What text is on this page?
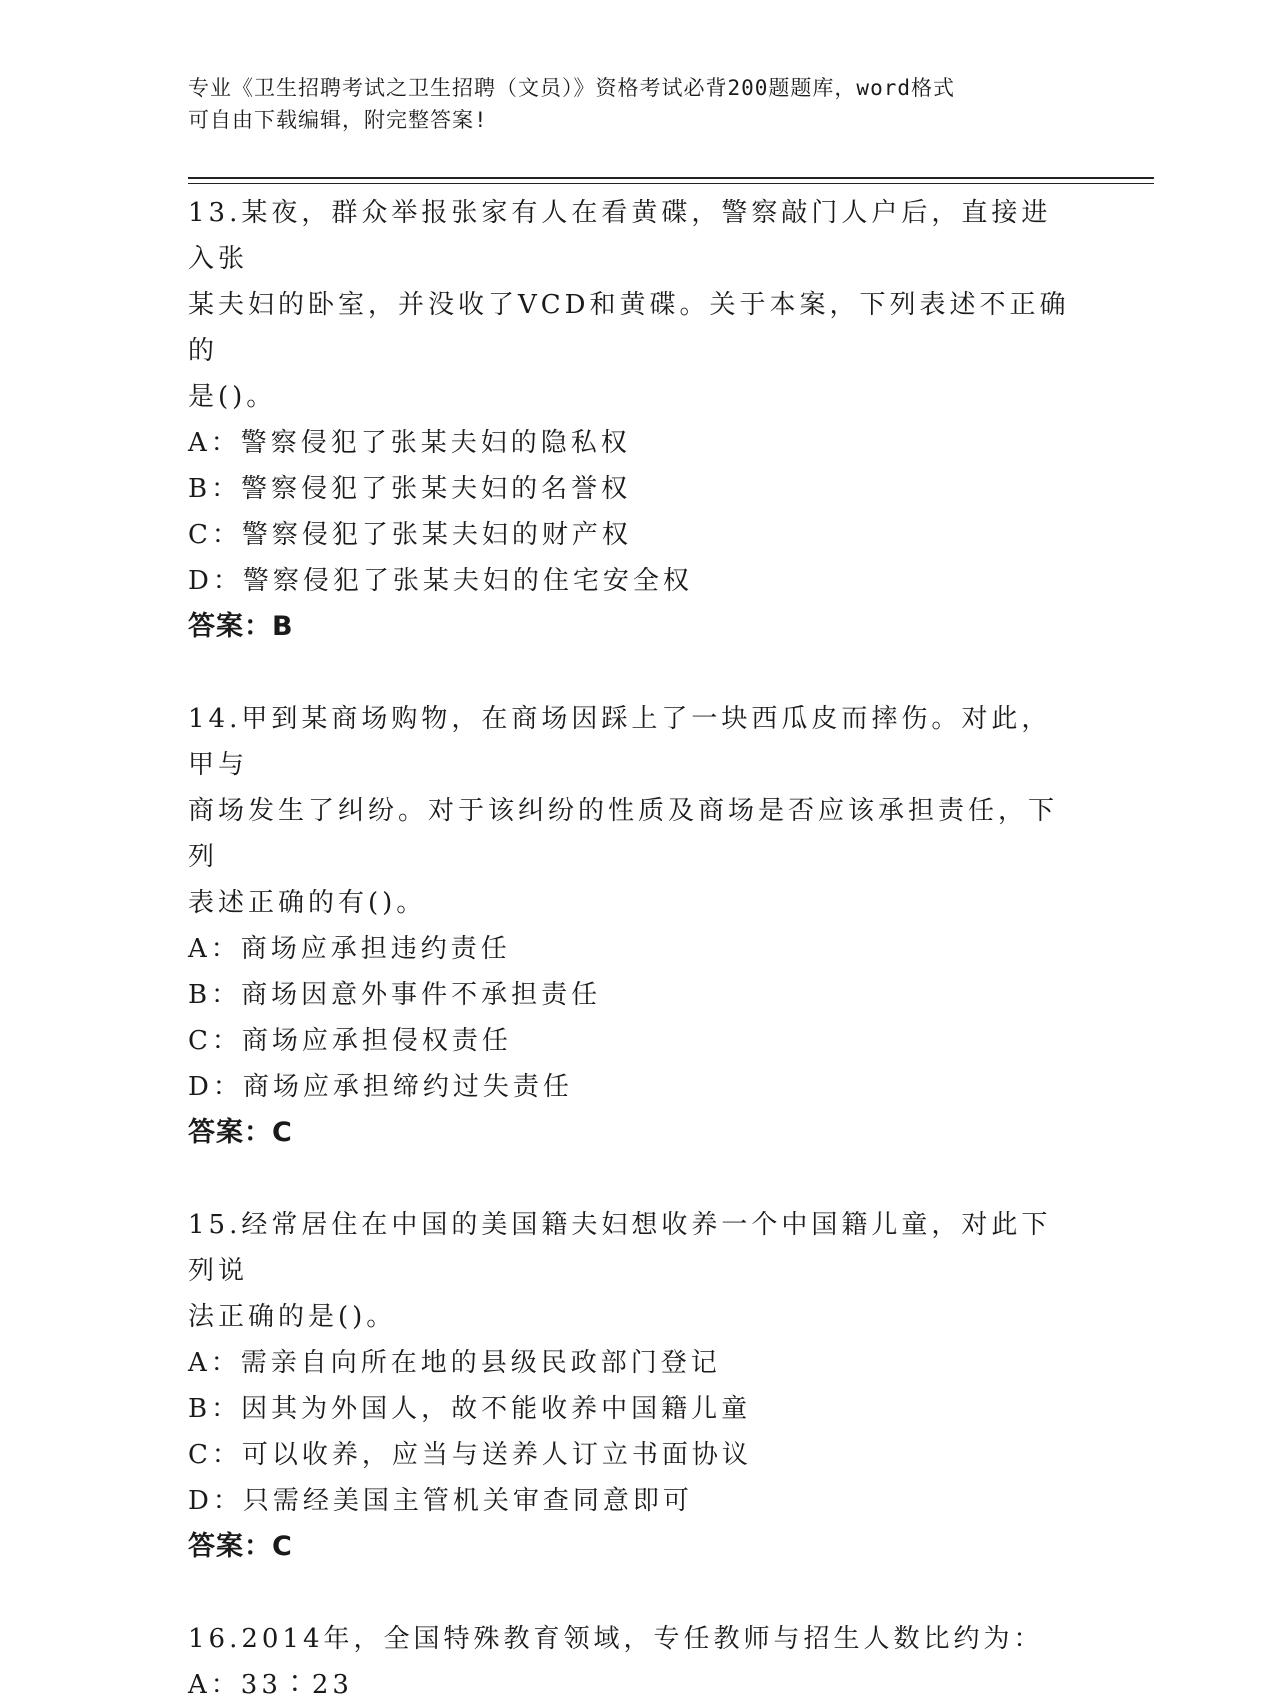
专业《卫生招聘考试之卫生招聘（文员）》资格考试必背200题题库，word格式
可自由下载编辑，附完整答案!

13.某夜，群众举报张家有人在看黄碟，警察敲门人户后，直接进入张

某夫妇的卧室，并没收了VCD和黄碟。关于本案，下列表述不正确的

是()。

A：警察侵犯了张某夫妇的隐私权

B：警察侵犯了张某夫妇的名誉权

C：警察侵犯了张某夫妇的财产权

D：警察侵犯了张某夫妇的住宅安全权

答案：B

14.甲到某商场购物，在商场因踩上了一块西瓜皮而摔伤。对此，甲与

商场发生了纠纷。对于该纠纷的性质及商场是否应该承担责任，下列

表述正确的有()。

A：商场应承担违约责任

B：商场因意外事件不承担责任

C：商场应承担侵权责任

D：商场应承担缔约过失责任

答案：C

15.经常居住在中国的美国籍夫妇想收养一个中国籍儿童，对此下列说

法正确的是()。

A：需亲自向所在地的县级民政部门登记

B：因其为外国人，故不能收养中国籍儿童

C：可以收养，应当与送养人订立书面协议

D：只需经美国主管机关审查同意即可

答案：C

16.2014年，全国特殊教育领域，专任教师与招生人数比约为：

A：33∶23
